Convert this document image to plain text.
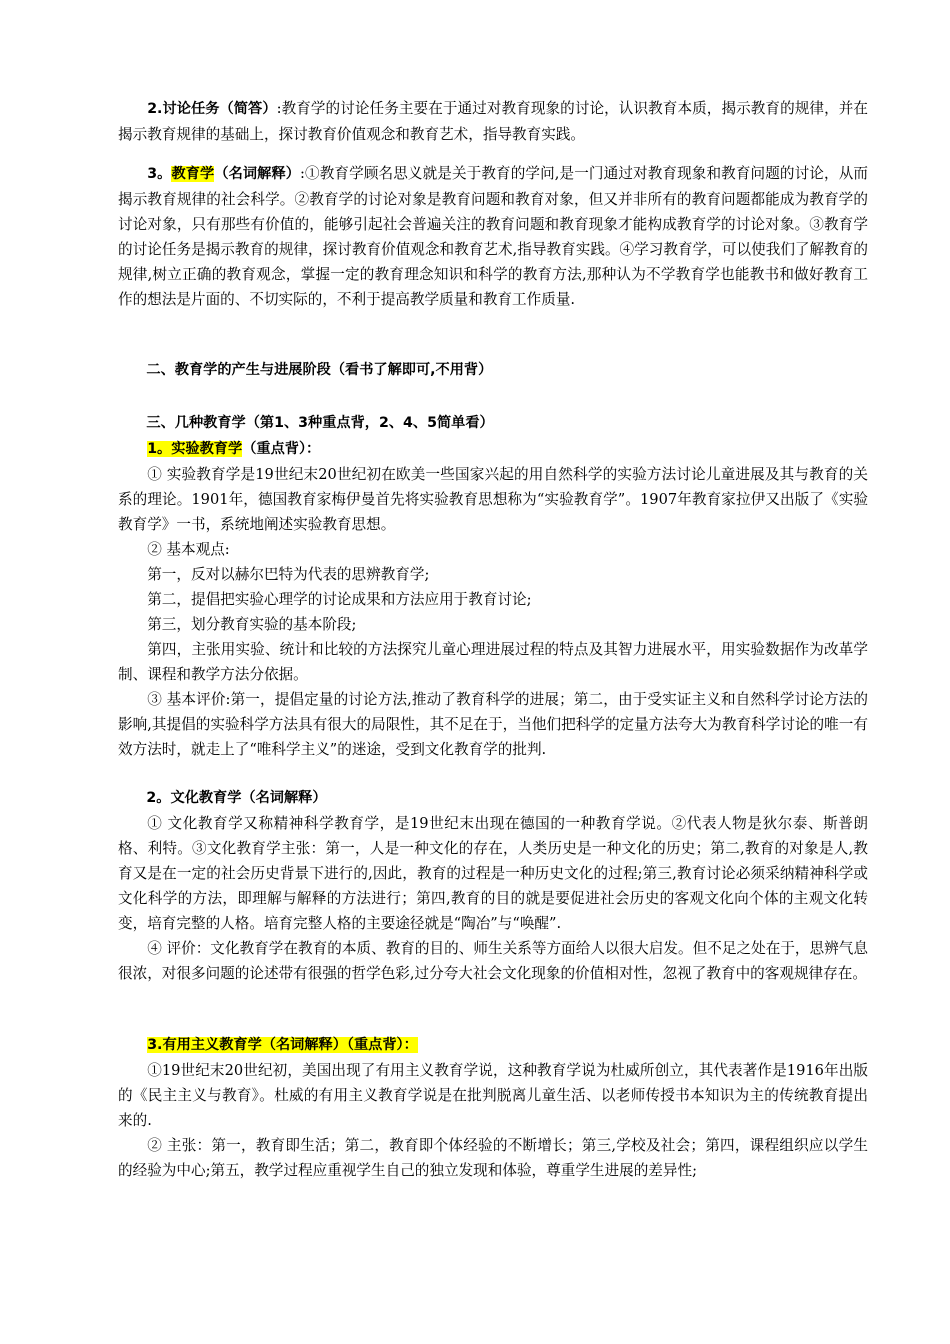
2.讨论任务（简答）:教育学的讨论任务主要在于通过对教育现象的讨论，认识教育本质，揭示教育的规律，并在揭示教育规律的基础上，探讨教育价值观念和教育艺术，指导教育实践。

3。教育学（名词解释）:①教育学顾名思义就是关于教育的学问,是一门通过对教育现象和教育问题的讨论，从而揭示教育规律的社会科学。②教育学的讨论对象是教育问题和教育对象，但又并非所有的教育问题都能成为教育学的讨论对象，只有那些有价值的，能够引起社会普遍关注的教育问题和教育现象才能构成教育学的讨论对象。③教育学的讨论任务是揭示教育的规律，探讨教育价值观念和教育艺术,指导教育实践。④学习教育学，可以使我们了解教育的规律,树立正确的教育观念，掌握一定的教育理念知识和科学的教育方法,那种认为不学教育学也能教书和做好教育工作的想法是片面的、不切实际的，不利于提高教学质量和教育工作质量.

二、教育学的产生与进展阶段（看书了解即可,不用背）

三、几种教育学（第1、3种重点背，2、4、5简单看）

1。实验教育学（重点背）：

① 实验教育学是19世纪末20世纪初在欧美一些国家兴起的用自然科学的实验方法讨论儿童进展及其与教育的关系的理论。1901年，德国教育家梅伊曼首先将实验教育思想称为“实验教育学”。1907年教育家拉伊又出版了《实验教育学》一书，系统地阐述实验教育思想。

② 基本观点:

第一，反对以赫尔巴特为代表的思辨教育学;

第二，提倡把实验心理学的讨论成果和方法应用于教育讨论;

第三，划分教育实验的基本阶段;

第四，主张用实验、统计和比较的方法探究儿童心理进展过程的特点及其智力进展水平，用实验数据作为改革学制、课程和教学方法分依据。

③ 基本评价:第一，提倡定量的讨论方法,推动了教育科学的进展；第二，由于受实证主义和自然科学讨论方法的影响,其提倡的实验科学方法具有很大的局限性，其不足在于，当他们把科学的定量方法夸大为教育科学讨论的唯一有效方法时，就走上了“唯科学主义”的迷途，受到文化教育学的批判.

2。文化教育学（名词解释）

① 文化教育学又称精神科学教育学，是19世纪末出现在德国的一种教育学说。②代表人物是狄尔泰、斯普朗格、利特。③文化教育学主张：第一，人是一种文化的存在，人类历史是一种文化的历史；第二,教育的对象是人,教育又是在一定的社会历史背景下进行的,因此，教育的过程是一种历史文化的过程;第三,教育讨论必须采纳精神科学或文化科学的方法，即理解与解释的方法进行；第四,教育的目的就是要促进社会历史的客观文化向个体的主观文化转变，培育完整的人格。培育完整人格的主要途径就是“陶冶”与“唤醒”.

④ 评价：文化教育学在教育的本质、教育的目的、师生关系等方面给人以很大启发。但不足之处在于，思辨气息很浓，对很多问题的论述带有很强的哲学色彩,过分夸大社会文化现象的价值相对性，忽视了教育中的客观规律存在。

3.有用主义教育学（名词解释）（重点背）：

①19世纪末20世纪初，美国出现了有用主义教育学说，这种教育学说为杜威所创立，其代表著作是1916年出版的《民主主义与教育》。杜威的有用主义教育学说是在批判脱离儿童生活、以老师传授书本知识为主的传统教育提出来的.

② 主张：第一，教育即生活；第二，教育即个体经验的不断增长；第三,学校及社会；第四，课程组织应以学生的经验为中心;第五，教学过程应重视学生自己的独立发现和体验，尊重学生进展的差异性;
